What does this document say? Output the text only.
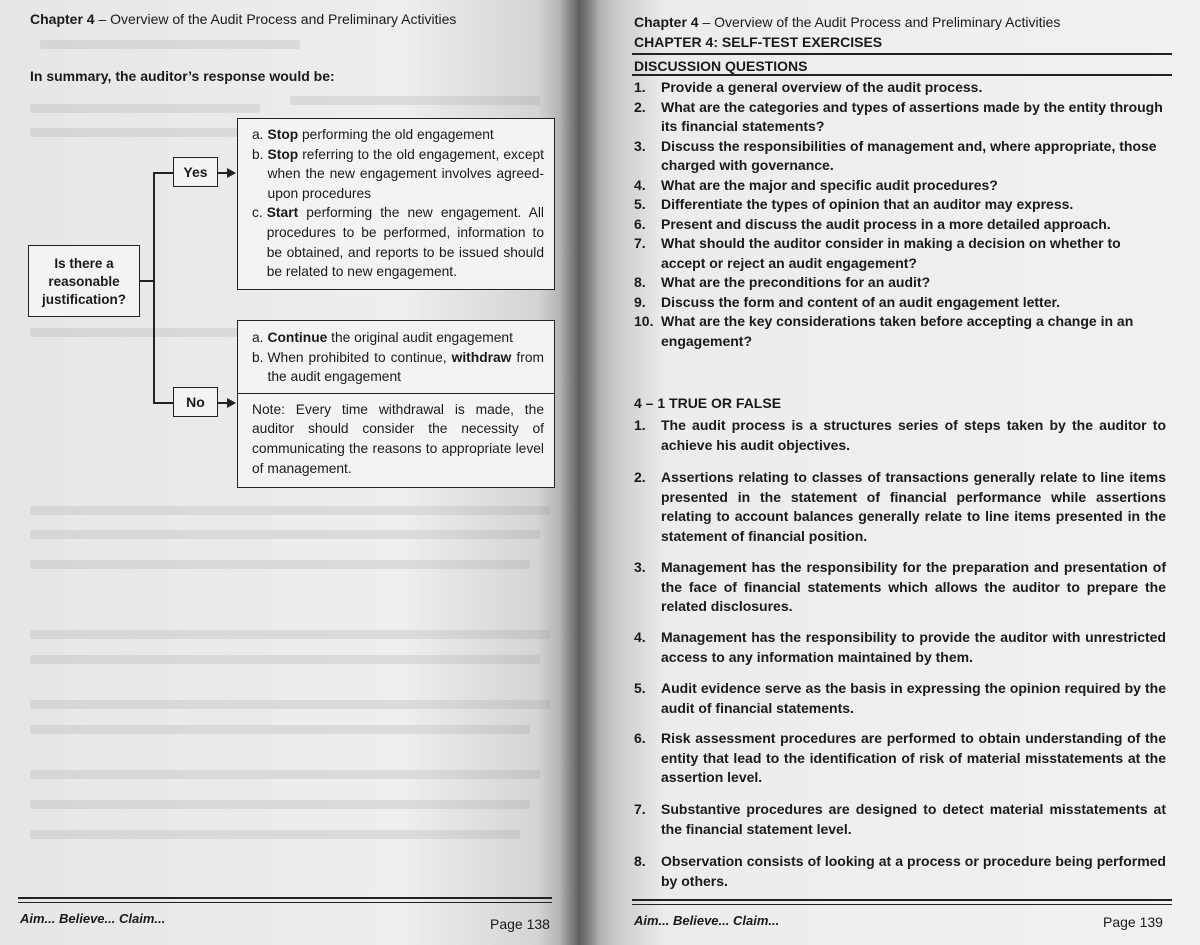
Chapter 4 – Overview of the Audit Process and Preliminary Activities
In summary, the auditor’s response would be:
Is there a
reasonable
justification?
Yes
No
a. Stop performing the old engagement
b. Stop referring to the old engagement, except when the new engagement involves agreed-upon procedures
c. Start performing the new engagement. All procedures to be performed, information to be obtained, and reports to be issued should be related to new engagement.
a. Continue the original audit engagement
b. When prohibited to continue, withdraw from the audit engagement
Note: Every time withdrawal is made, the auditor should consider the necessity of communicating the reasons to appropriate level of management.
Aim... Believe... Claim...	Page 138
Chapter 4 – Overview of the Audit Process and Preliminary Activities
CHAPTER 4: SELF-TEST EXERCISES
DISCUSSION QUESTIONS
1.	Provide a general overview of the audit process.
2.	What are the categories and types of assertions made by the entity through its financial statements?
3.	Discuss the responsibilities of management and, where appropriate, those charged with governance.
4.	What are the major and specific audit procedures?
5.	Differentiate the types of opinion that an auditor may express.
6.	Present and discuss the audit process in a more detailed approach.
7.	What should the auditor consider in making a decision on whether to accept or reject an audit engagement?
8.	What are the preconditions for an audit?
9.	Discuss the form and content of an audit engagement letter.
10. What are the key considerations taken before accepting a change in an engagement?
4 – 1 TRUE OR FALSE
1.	The audit process is a structures series of steps taken by the auditor to achieve his audit objectives.
2.	Assertions relating to classes of transactions generally relate to line items presented in the statement of financial performance while assertions relating to account balances generally relate to line items presented in the statement of financial position.
3.	Management has the responsibility for the preparation and presentation of the face of financial statements which allows the auditor to prepare the related disclosures.
4.	Management has the responsibility to provide the auditor with unrestricted access to any information maintained by them.
5.	Audit evidence serve as the basis in expressing the opinion required by the audit of financial statements.
6.	Risk assessment procedures are performed to obtain understanding of the entity that lead to the identification of risk of material misstatements at the assertion level.
7.	Substantive procedures are designed to detect material misstatements at the financial statement level.
8.	Observation consists of looking at a process or procedure being performed by others.
Aim... Believe... Claim...	Page 139
